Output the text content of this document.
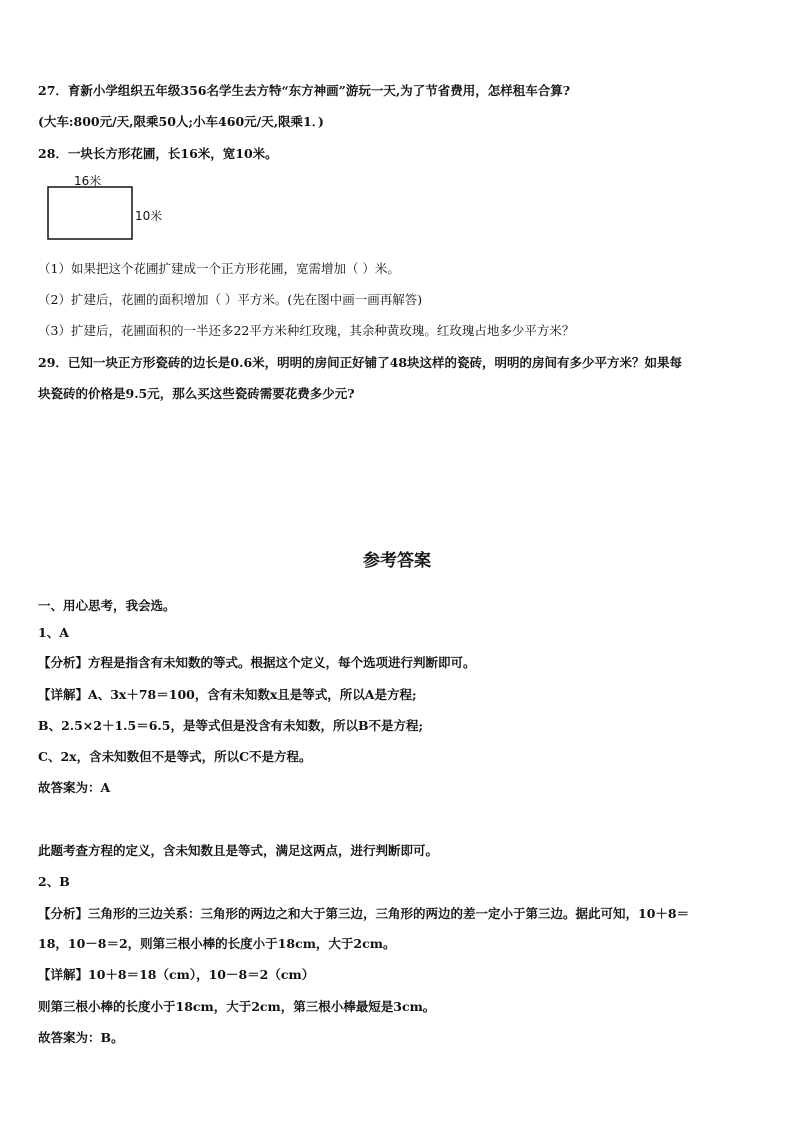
27．育新小学组织五年级356名学生去方特“东方神画”游玩一天,为了节省费用，怎样租车合算?
(大车:800元/天,限乘50人;小车460元/天,限乘1．)
28．一块长方形花圃，长16米，宽10米。
16米
10米
（1）如果把这个花圃扩建成一个正方形花圃，宽需增加（ ）米。
（2）扩建后，花圃的面积增加（ ）平方米。(先在图中画一画再解答)
（3）扩建后，花圃面积的一半还多22平方米种红玫瑰，其余种黄玫瑰。红玫瑰占地多少平方米？
29．已知一块正方形瓷砖的边长是0.6米，明明的房间正好铺了48块这样的瓷砖，明明的房间有多少平方米？如果每
块瓷砖的价格是9.5元，那么买这些瓷砖需要花费多少元?
参考答案
一、用心思考，我会选。
1、A
【分析】方程是指含有未知数的等式。根据这个定义，每个选项进行判断即可。
【详解】A、3x＋78＝100，含有未知数x且是等式，所以A是方程;
B、2.5×2＋1.5＝6.5，是等式但是没含有未知数，所以B不是方程;
C、2x，含未知数但不是等式，所以C不是方程。
故答案为：A
此题考查方程的定义，含未知数且是等式，满足这两点，进行判断即可。
2、B
【分析】三角形的三边关系：三角形的两边之和大于第三边，三角形的两边的差一定小于第三边。据此可知，10＋8＝
18，10－8＝2，则第三根小棒的长度小于18cm，大于2cm。
【详解】10＋8＝18（cm），10－8＝2（cm）
则第三根小棒的长度小于18cm，大于2cm，第三根小棒最短是3cm。
故答案为：B。
